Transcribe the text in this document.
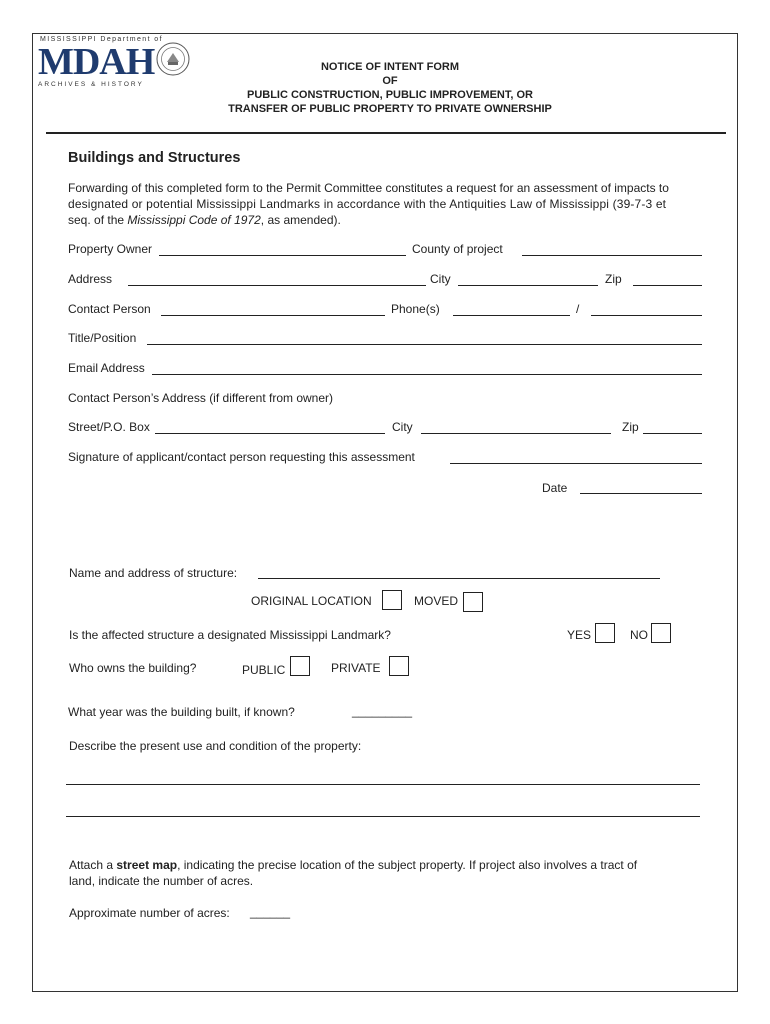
MISSISSIPPI Department of
MDAH
ARCHIVES & HISTORY
NOTICE OF INTENT FORM
OF
PUBLIC CONSTRUCTION, PUBLIC IMPROVEMENT, OR
TRANSFER OF PUBLIC PROPERTY TO PRIVATE OWNERSHIP
Buildings and Structures
Forwarding of this completed form to the Permit Committee constitutes a request for an assessment of impacts to
designated or potential Mississippi Landmarks in accordance with the Antiquities Law of Mississippi (39-7-3 et
seq. of the Mississippi Code of 1972, as amended).
Property Owner	County of project
Address	City	Zip
Contact Person	Phone(s)	/
Title/Position
Email Address
Contact Person’s Address (if different from owner)
Street/P.O. Box	City	Zip
Signature of applicant/contact person requesting this assessment
Date
Name and address of structure:
ORIGINAL LOCATION	MOVED
Is the affected structure a designated Mississippi Landmark?	YES	NO
Who owns the building?	PUBLIC	PRIVATE
What year was the building built, if known?	_________
Describe the present use and condition of the property:
Attach a street map, indicating the precise location of the subject property. If project also involves a tract of
land, indicate the number of acres.
Approximate number of acres: ______
